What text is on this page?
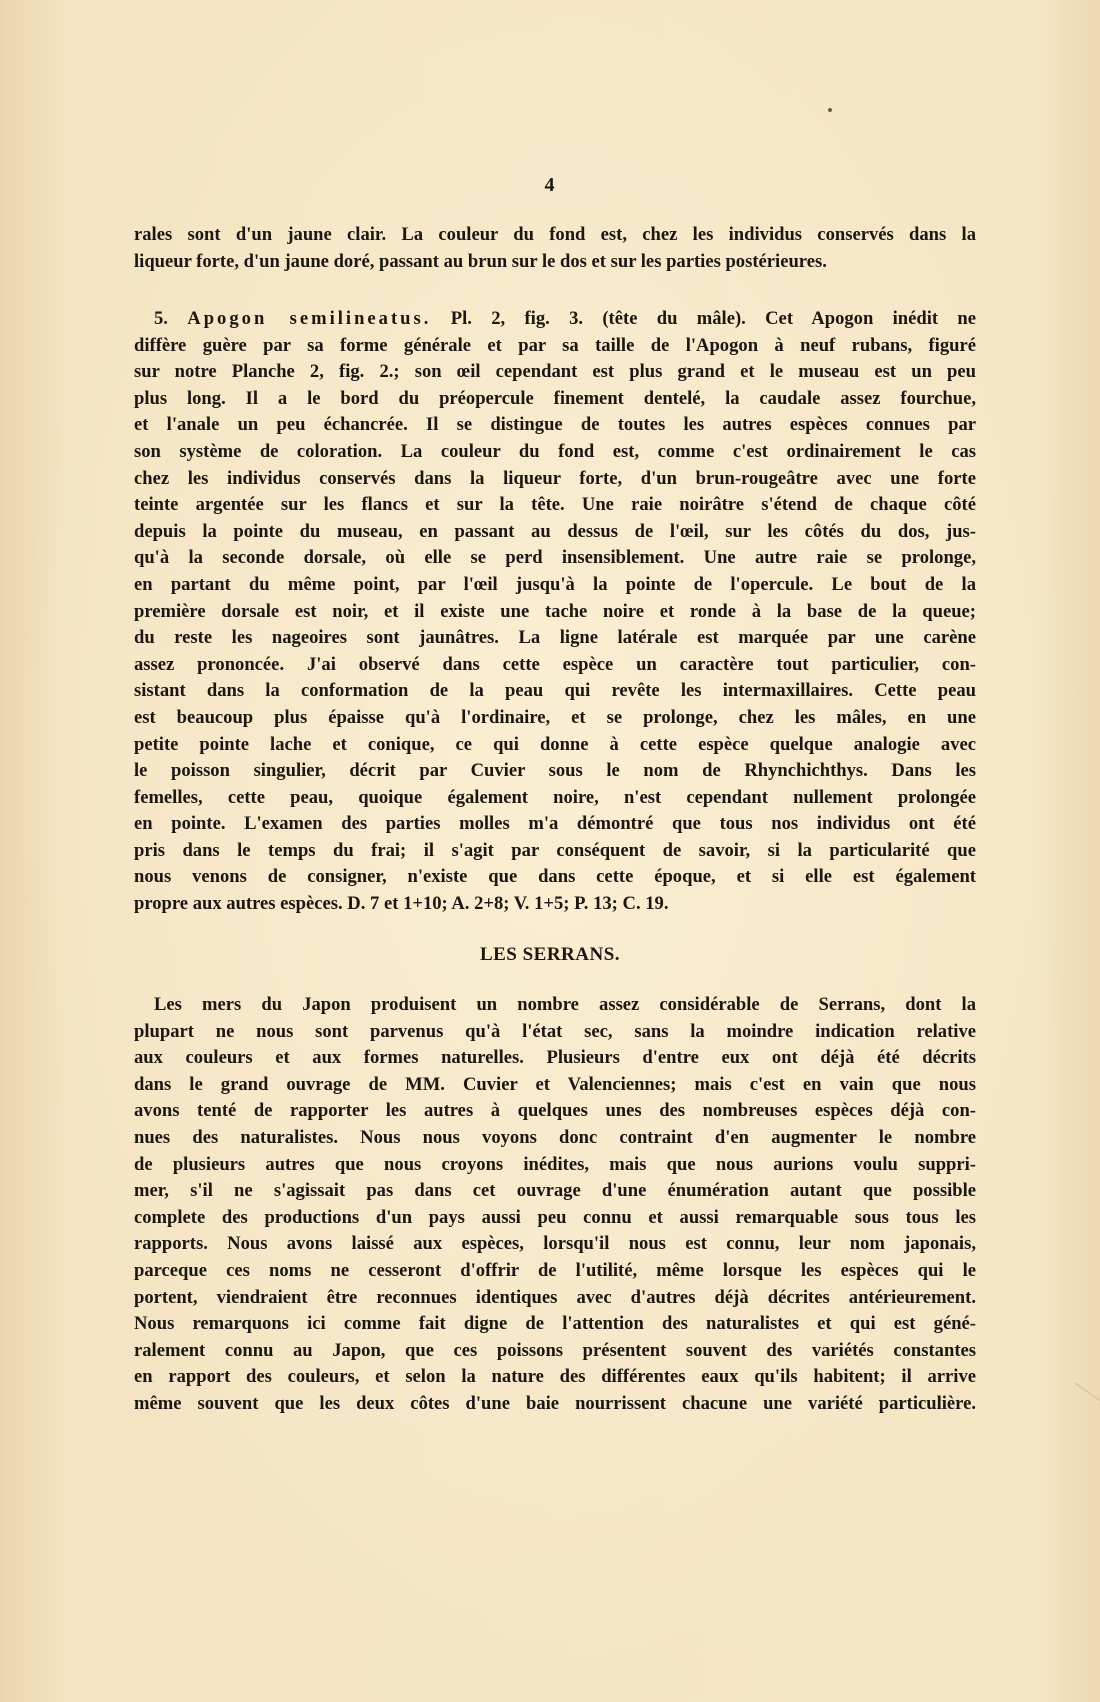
4
rales sont d'un jaune clair. La couleur du fond est, chez les individus conservés dans la
liqueur forte, d'un jaune doré, passant au brun sur le dos et sur les parties postérieures.
5. Apogon semilineatus. Pl. 2, fig. 3. (tête du mâle). Cet Apogon inédit ne
diffère guère par sa forme générale et par sa taille de l'Apogon à neuf rubans, figuré
sur notre Planche 2, fig. 2.; son œil cependant est plus grand et le museau est un peu
plus long. Il a le bord du préopercule finement dentelé, la caudale assez fourchue,
et l'anale un peu échancrée. Il se distingue de toutes les autres espèces connues par
son système de coloration. La couleur du fond est, comme c'est ordinairement le cas
chez les individus conservés dans la liqueur forte, d'un brun-rougeâtre avec une forte
teinte argentée sur les flancs et sur la tête. Une raie noirâtre s'étend de chaque côté
depuis la pointe du museau, en passant au dessus de l'œil, sur les côtés du dos, jus-
qu'à la seconde dorsale, où elle se perd insensiblement. Une autre raie se prolonge,
en partant du même point, par l'œil jusqu'à la pointe de l'opercule. Le bout de la
première dorsale est noir, et il existe une tache noire et ronde à la base de la queue;
du reste les nageoires sont jaunâtres. La ligne latérale est marquée par une carène
assez prononcée. J'ai observé dans cette espèce un caractère tout particulier, con-
sistant dans la conformation de la peau qui revête les intermaxillaires. Cette peau
est beaucoup plus épaisse qu'à l'ordinaire, et se prolonge, chez les mâles, en une
petite pointe lache et conique, ce qui donne à cette espèce quelque analogie avec
le poisson singulier, décrit par Cuvier sous le nom de Rhynchichthys. Dans les
femelles, cette peau, quoique également noire, n'est cependant nullement prolongée
en pointe. L'examen des parties molles m'a démontré que tous nos individus ont été
pris dans le temps du frai; il s'agit par conséquent de savoir, si la particularité que
nous venons de consigner, n'existe que dans cette époque, et si elle est également
propre aux autres espèces. D. 7 et 1+10; A. 2+8; V. 1+5; P. 13; C. 19.
LES SERRANS.
Les mers du Japon produisent un nombre assez considérable de Serrans, dont la
plupart ne nous sont parvenus qu'à l'état sec, sans la moindre indication relative
aux couleurs et aux formes naturelles. Plusieurs d'entre eux ont déjà été décrits
dans le grand ouvrage de MM. Cuvier et Valenciennes; mais c'est en vain que nous
avons tenté de rapporter les autres à quelques unes des nombreuses espèces déjà con-
nues des naturalistes. Nous nous voyons donc contraint d'en augmenter le nombre
de plusieurs autres que nous croyons inédites, mais que nous aurions voulu suppri-
mer, s'il ne s'agissait pas dans cet ouvrage d'une énumération autant que possible
complete des productions d'un pays aussi peu connu et aussi remarquable sous tous les
rapports. Nous avons laissé aux espèces, lorsqu'il nous est connu, leur nom japonais,
parceque ces noms ne cesseront d'offrir de l'utilité, même lorsque les espèces qui le
portent, viendraient être reconnues identiques avec d'autres déjà décrites antérieurement.
Nous remarquons ici comme fait digne de l'attention des naturalistes et qui est géné-
ralement connu au Japon, que ces poissons présentent souvent des variétés constantes
en rapport des couleurs, et selon la nature des différentes eaux qu'ils habitent; il arrive
même souvent que les deux côtes d'une baie nourrissent chacune une variété particulière.
